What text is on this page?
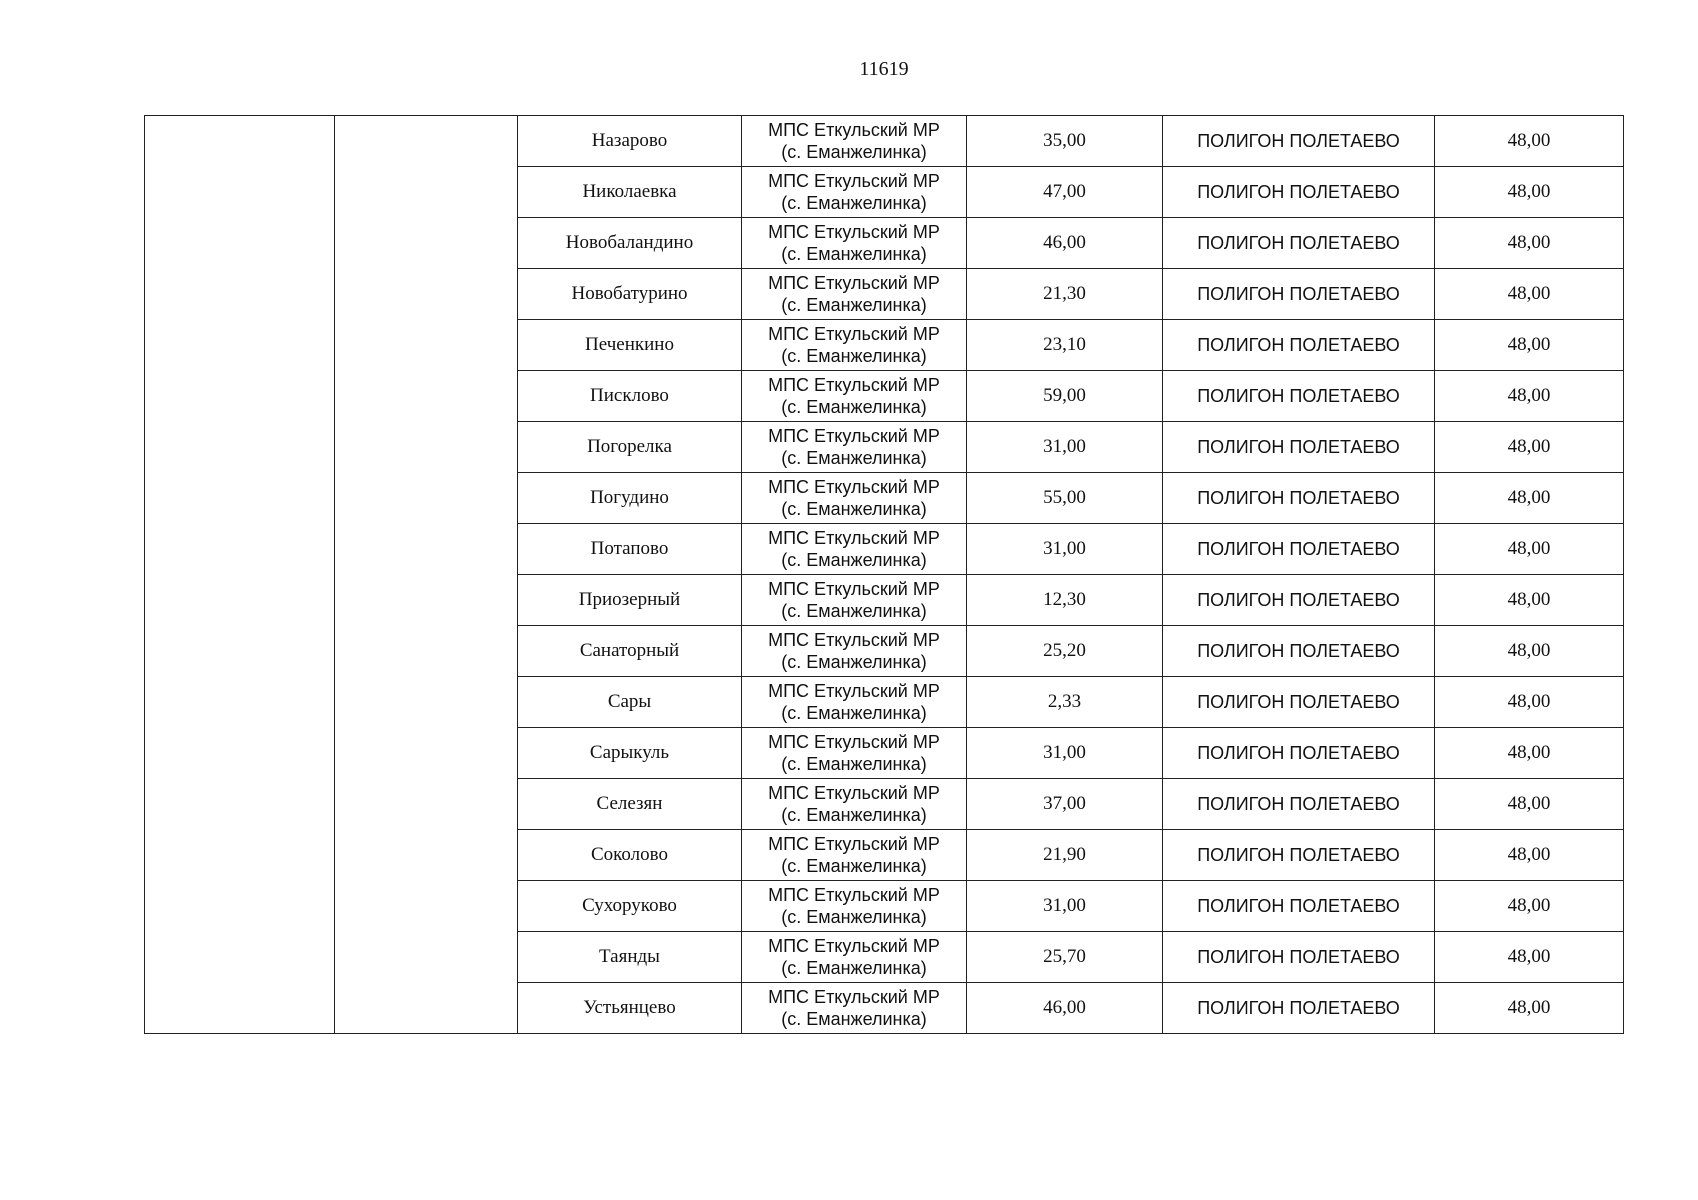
11619
		Назарово	МПС Еткульский МР
(с. Еманжелинка)	35,00	ПОЛИГОН ПОЛЕТАЕВО	48,00
		Николаевка	МПС Еткульский МР
(с. Еманжелинка)	47,00	ПОЛИГОН ПОЛЕТАЕВО	48,00
		Новобаландино	МПС Еткульский МР
(с. Еманжелинка)	46,00	ПОЛИГОН ПОЛЕТАЕВО	48,00
		Новобатурино	МПС Еткульский МР
(с. Еманжелинка)	21,30	ПОЛИГОН ПОЛЕТАЕВО	48,00
		Печенкино	МПС Еткульский МР
(с. Еманжелинка)	23,10	ПОЛИГОН ПОЛЕТАЕВО	48,00
		Писклово	МПС Еткульский МР
(с. Еманжелинка)	59,00	ПОЛИГОН ПОЛЕТАЕВО	48,00
		Погорелка	МПС Еткульский МР
(с. Еманжелинка)	31,00	ПОЛИГОН ПОЛЕТАЕВО	48,00
		Погудино	МПС Еткульский МР
(с. Еманжелинка)	55,00	ПОЛИГОН ПОЛЕТАЕВО	48,00
		Потапово	МПС Еткульский МР
(с. Еманжелинка)	31,00	ПОЛИГОН ПОЛЕТАЕВО	48,00
		Приозерный	МПС Еткульский МР
(с. Еманжелинка)	12,30	ПОЛИГОН ПОЛЕТАЕВО	48,00
		Санаторный	МПС Еткульский МР
(с. Еманжелинка)	25,20	ПОЛИГОН ПОЛЕТАЕВО	48,00
		Сары	МПС Еткульский МР
(с. Еманжелинка)	2,33	ПОЛИГОН ПОЛЕТАЕВО	48,00
		Сарыкуль	МПС Еткульский МР
(с. Еманжелинка)	31,00	ПОЛИГОН ПОЛЕТАЕВО	48,00
		Селезян	МПС Еткульский МР
(с. Еманжелинка)	37,00	ПОЛИГОН ПОЛЕТАЕВО	48,00
		Соколово	МПС Еткульский МР
(с. Еманжелинка)	21,90	ПОЛИГОН ПОЛЕТАЕВО	48,00
		Сухоруково	МПС Еткульский МР
(с. Еманжелинка)	31,00	ПОЛИГОН ПОЛЕТАЕВО	48,00
		Таянды	МПС Еткульский МР
(с. Еманжелинка)	25,70	ПОЛИГОН ПОЛЕТАЕВО	48,00
		Устьянцево	МПС Еткульский МР
(с. Еманжелинка)	46,00	ПОЛИГОН ПОЛЕТАЕВО	48,00
